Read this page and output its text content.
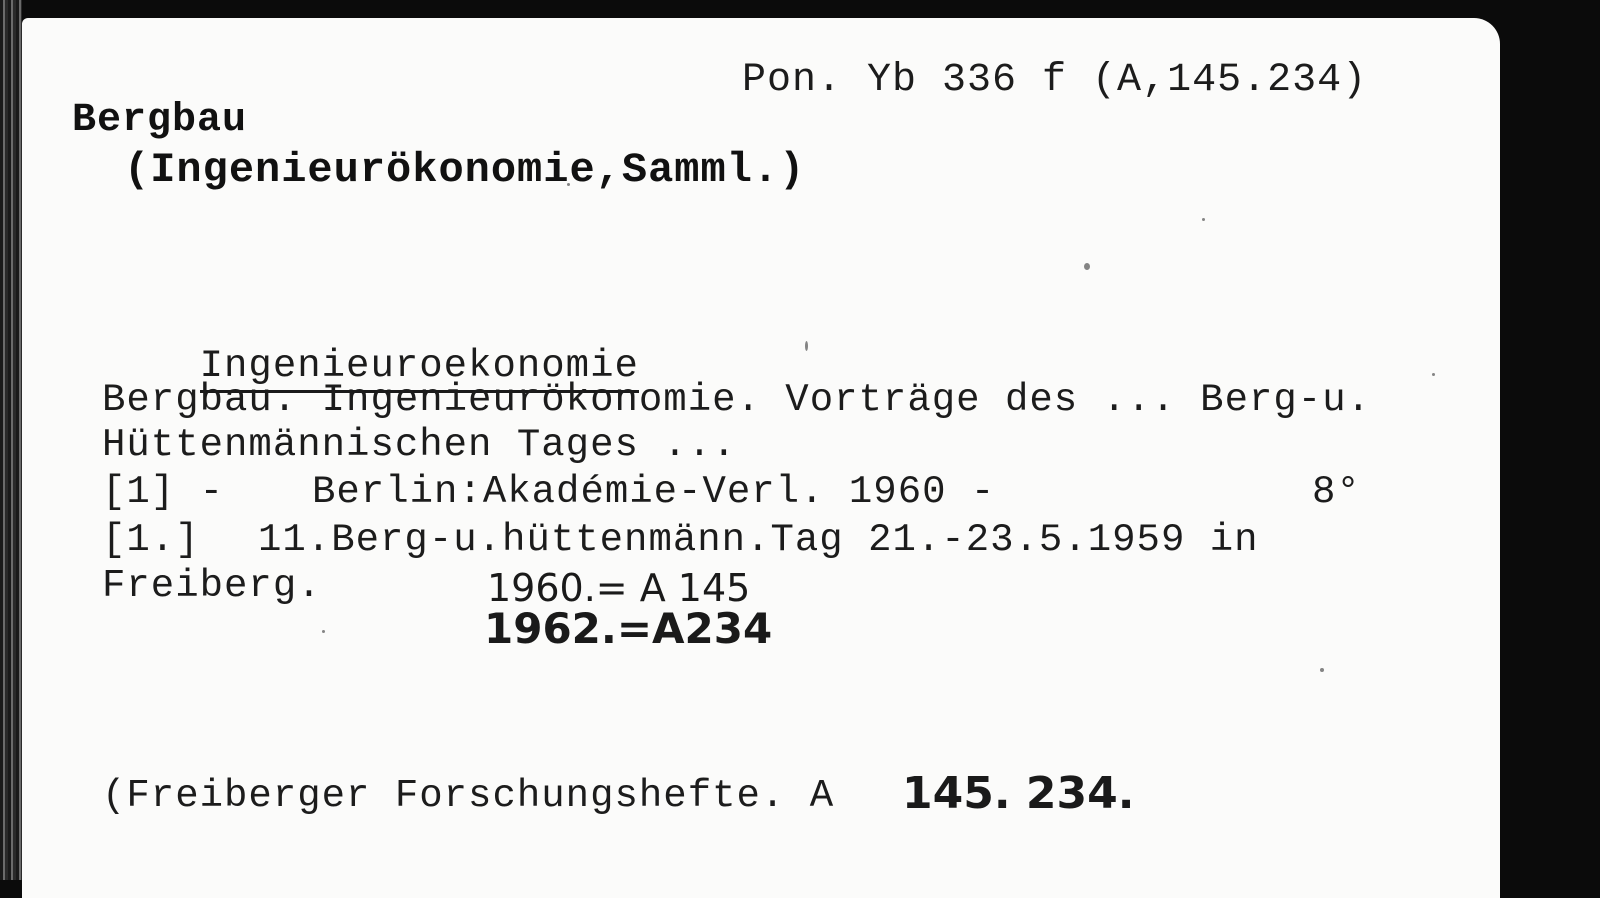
Pon. Yb 336 f (A,145.234)
Bergbau
(Ingenieurökonomie,Samml.)

Ingenieuroekonomie

Bergbau. Ingenieurökonomie. Vorträge des ... Berg-u.
Hüttenmännischen Tages ...
[1] - Berlin:Akadémie-Verl. 1960 -	8°
[1.] 11.Berg-u.hüttenmänn.Tag 21.-23.5.1959 in
Freiberg.	1960.= A 145
1962.=A234
(Freiberger Forschungshefte. A 145. 234.
